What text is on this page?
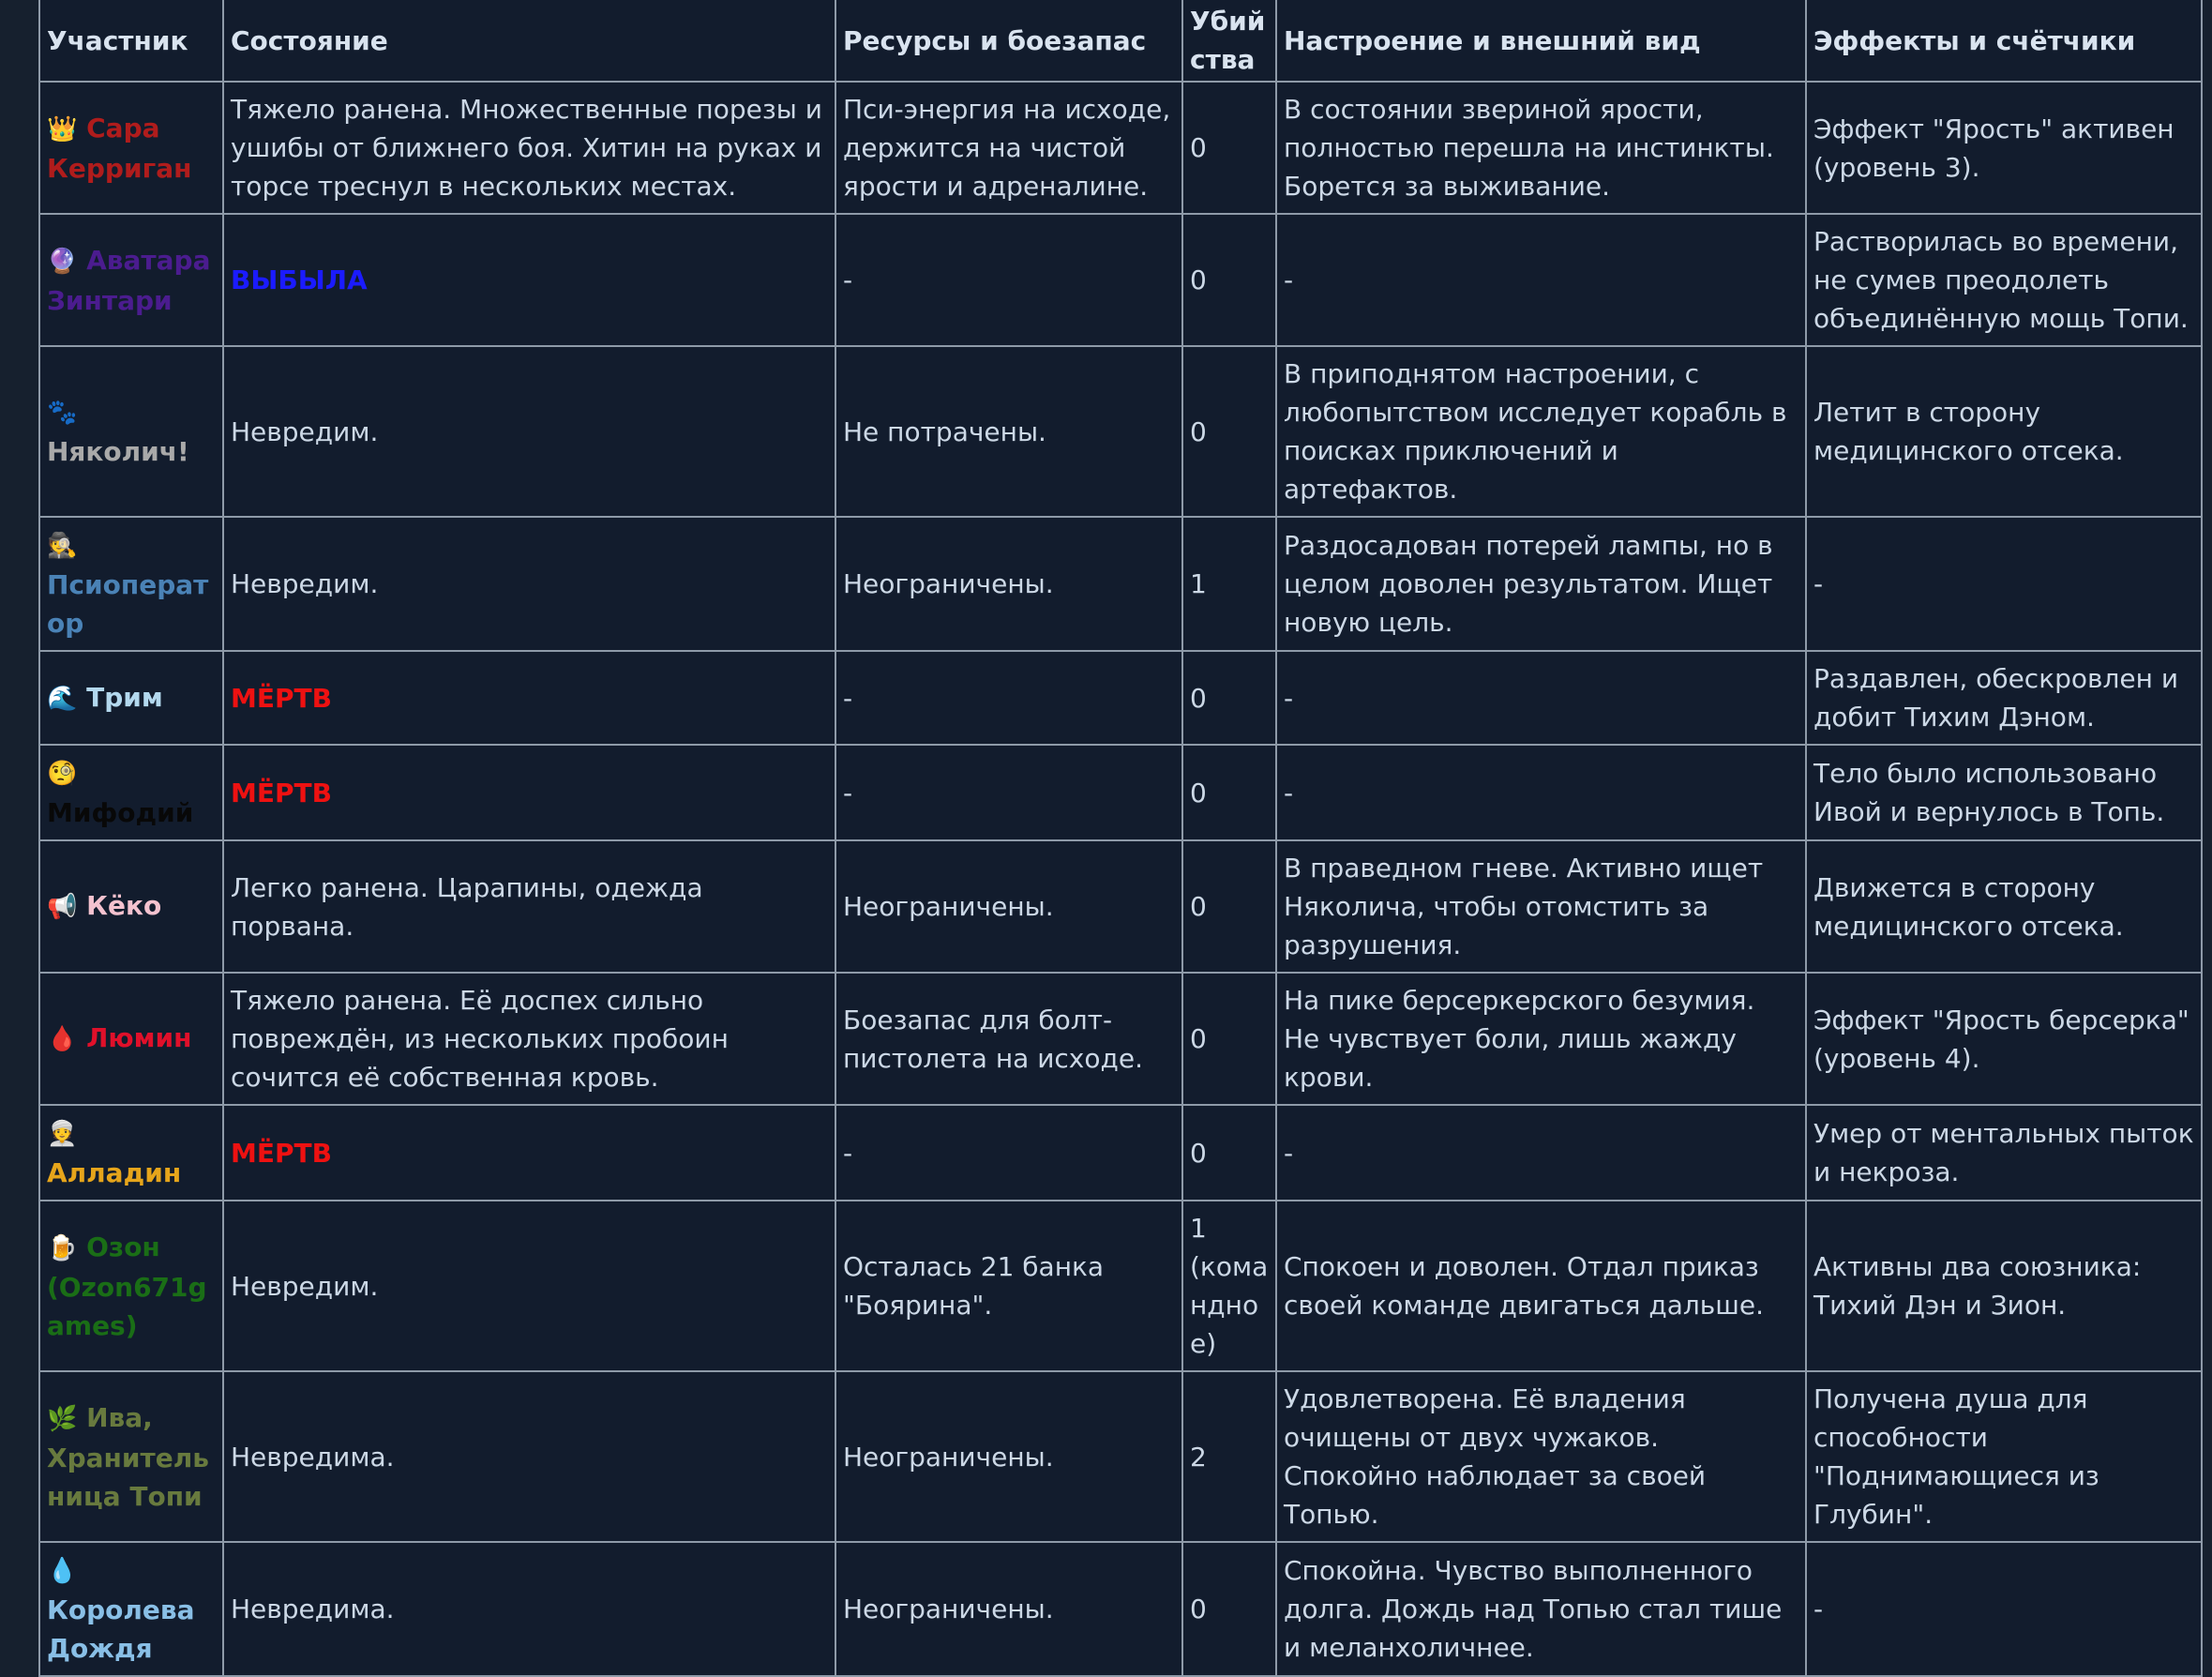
Участник	Состояние	Ресурсы и боезапас	Убийства	Настроение и внешний вид	Эффекты и счётчики
👑 Сара Керриган	Тяжело ранена. Множественные порезы и ушибы от ближнего боя. Хитин на руках и торсе треснул в нескольких местах.	Пси-энергия на исходе, держится на чистой ярости и адреналине.	0	В состоянии звериной ярости, полностью перешла на инстинкты. Борется за выживание.	Эффект "Ярость" активен (уровень 3).
🔮 Аватара Зинтари	ВЫБЫЛА	-	0	-	Растворилась во времени, не сумев преодолеть объединённую мощь Топи.
🐾 Няколич!	Невредим.	Не потрачены.	0	В приподнятом настроении, с любопытством исследует корабль в поисках приключений и артефактов.	Летит в сторону медицинского отсека.
🕵 Псиоператор	Невредим.	Неограничены.	1	Раздосадован потерей лампы, но в целом доволен результатом. Ищет новую цель.	-
🌊 Трим	МЁРТВ	-	0	-	Раздавлен, обескровлен и добит Тихим Дэном.
🧐 Мифодий	МЁРТВ	-	0	-	Тело было использовано Ивой и вернулось в Топь.
📢 Кёко	Легко ранена. Царапины, одежда порвана.	Неограничены.	0	В праведном гневе. Активно ищет Няколича, чтобы отомстить за разрушения.	Движется в сторону медицинского отсека.
🩸 Люмин	Тяжело ранена. Её доспех сильно повреждён, из нескольких пробоин сочится её собственная кровь.	Боезапас для болт-пистолета на исходе.	0	На пике берсеркерского безумия. Не чувствует боли, лишь жажду крови.	Эффект "Ярость берсерка" (уровень 4).
👳 Алладин	МЁРТВ	-	0	-	Умер от ментальных пыток и некроза.
🍺 Озон (Ozon671games)	Невредим.	Осталась 21 банка "Боярина".	1 (командное)	Спокоен и доволен. Отдал приказ своей команде двигаться дальше.	Активны два союзника: Тихий Дэн и Зион.
🌿 Ива, Хранительница Топи	Невредима.	Неограничены.	2	Удовлетворена. Её владения очищены от двух чужаков. Спокойно наблюдает за своей Топью.	Получена душа для способности "Поднимающиеся из Глубин".
💧 Королева Дождя	Невредима.	Неограничены.	0	Спокойна. Чувство выполненного долга. Дождь над Топью стал тише и меланхоличнее.	-
